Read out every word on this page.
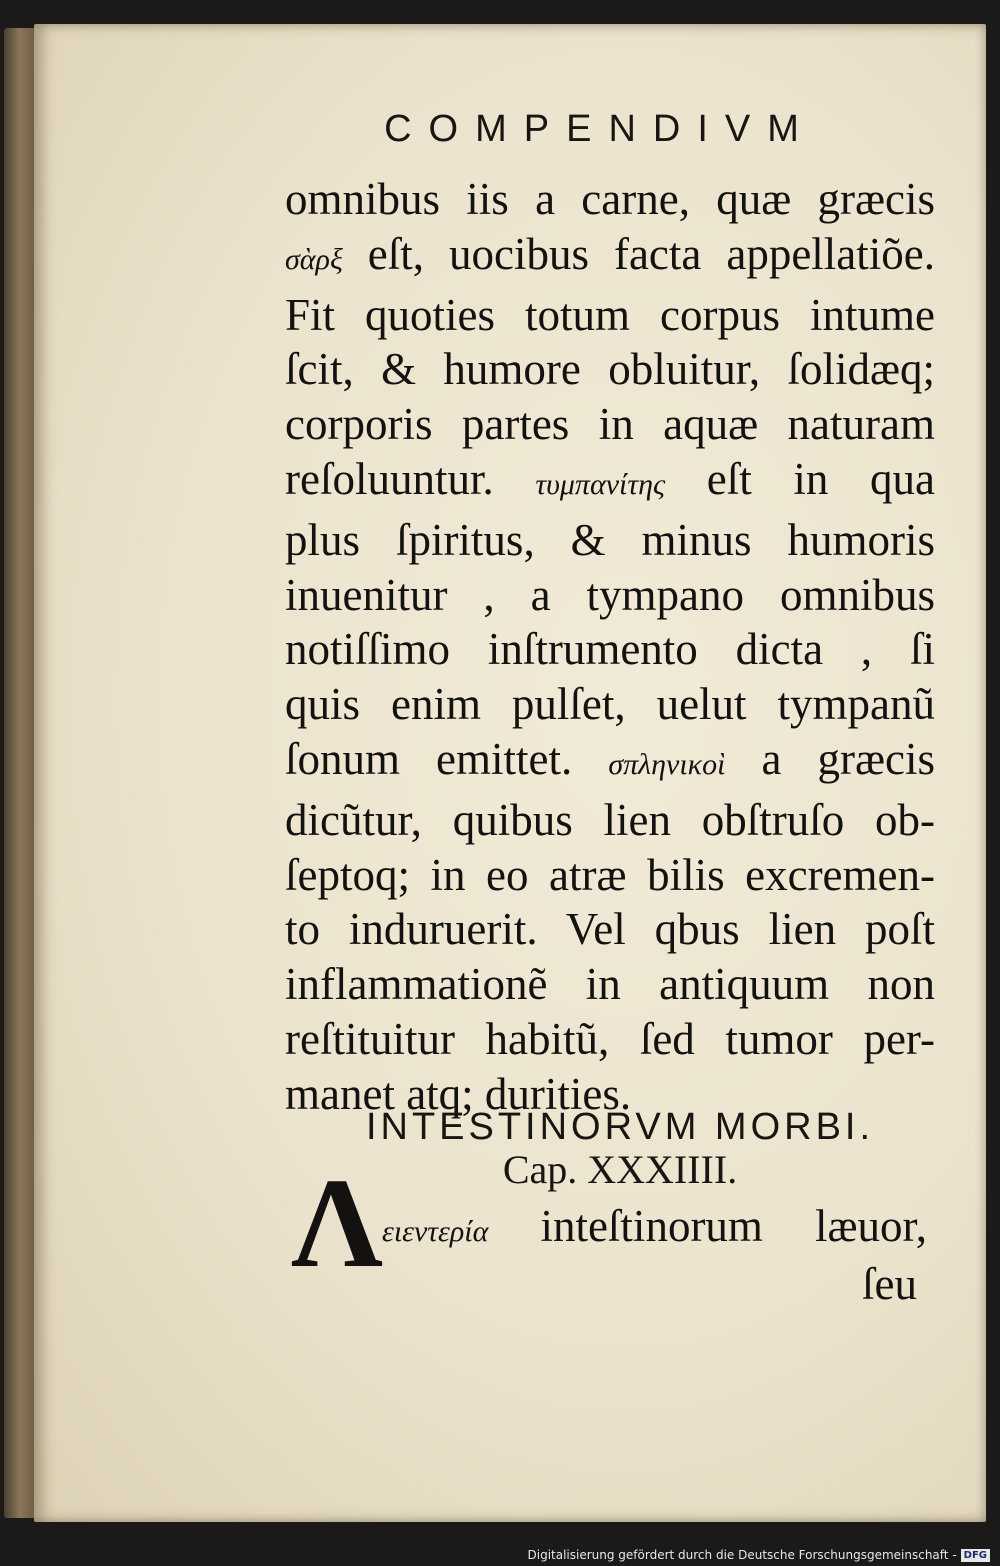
COMPENDIVM
omnibus iis a carne, quæ græcis
σὰρξ eſt, uocibus facta appellatiõe.
Fit quoties totum corpus intume
ſcit, & humore obluitur, ſolidæq;
corporis partes in aquæ naturam
reſoluuntur. τυμπανίτης eſt in qua
plus ſpiritus, & minus humoris
inuenitur , a tympano omnibus
notiſſimo inſtrumento dicta , ſi
quis enim pulſet, uelut tympanũ
ſonum emittet. σπληνικοὶ a græcis
dicũtur, quibus lien obſtruſo ob-
ſeptoq; in eo atræ bilis excremen-
to induruerit. Vel qbus lien poſt
inflammationẽ in antiquum non
reſtituitur habitũ, ſed tumor per-
manet atq; durities.
INTESTINORVM MORBI.
Cap. XXXIIII.
Λ ειεντερία inteſtinorum læuor,
ſeu
Digitalisierung gefördert durch die Deutsche Forschungsgemeinschaft - DFG
